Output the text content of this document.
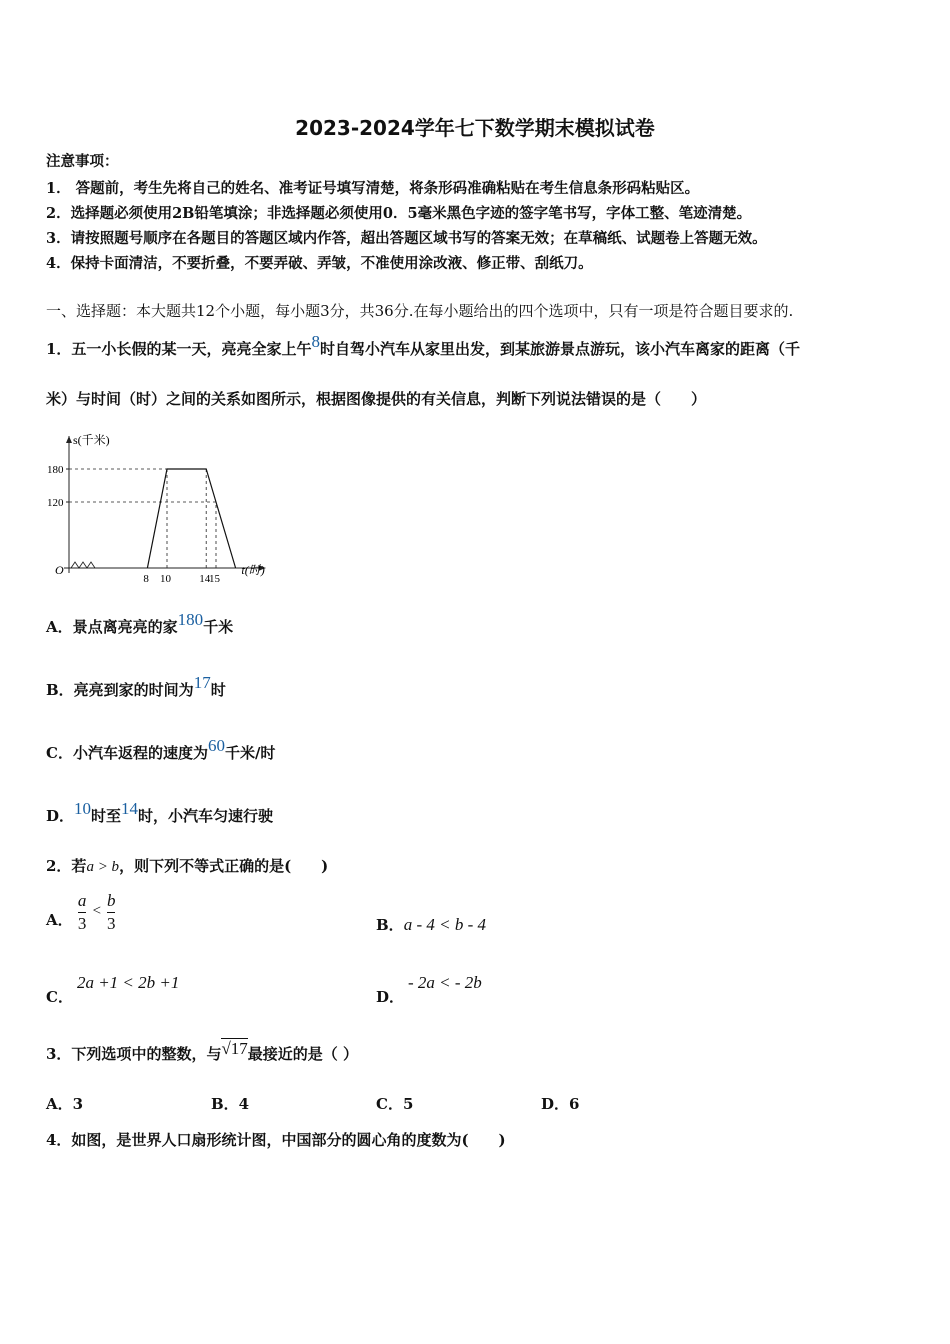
2023-2024学年七下数学期末模拟试卷
注意事项：
1． 答题前，考生先将自己的姓名、准考证号填写清楚，将条形码准确粘贴在考生信息条形码粘贴区。
2．选择题必须使用2B铅笔填涂；非选择题必须使用0．5毫米黑色字迹的签字笔书写，字体工整、笔迹清楚。
3．请按照题号顺序在各题目的答题区域内作答，超出答题区域书写的答案无效；在草稿纸、试题卷上答题无效。
4．保持卡面清洁，不要折叠，不要弄破、弄皱，不准使用涂改液、修正带、刮纸刀。
一、选择题：本大题共12个小题，每小题3分，共36分.在每小题给出的四个选项中，只有一项是符合题目要求的.
1．五一小长假的某一天，亮亮全家上午8时自驾小汽车从家里出发，到某旅游景点游玩，该小汽车离家的距离（千
米）与时间（时）之间的关系如图所示，根据图像提供的有关信息，判断下列说法错误的是（　　）
s(千米)
t(时)
O
180
120
8 10	14
15
A．景点离亮亮的家180千米
B．亮亮到家的时间为17时
C．小汽车返程的速度为60千米/时
D．10时至14时，小汽车匀速行驶
2．若a > b，则下列不等式正确的是(　　)
A． $\frac{a}{3} < \frac{b}{3}$	B．a - 4 < b - 4
C．2a +1 < 2b +1
D．- 2a < - 2b
3．下列选项中的整数，与√17最接近的是（ ）
A．3	B．4	C．5	D．6
4．如图，是世界人口扇形统计图，中国部分的圆心角的度数为(　　)
